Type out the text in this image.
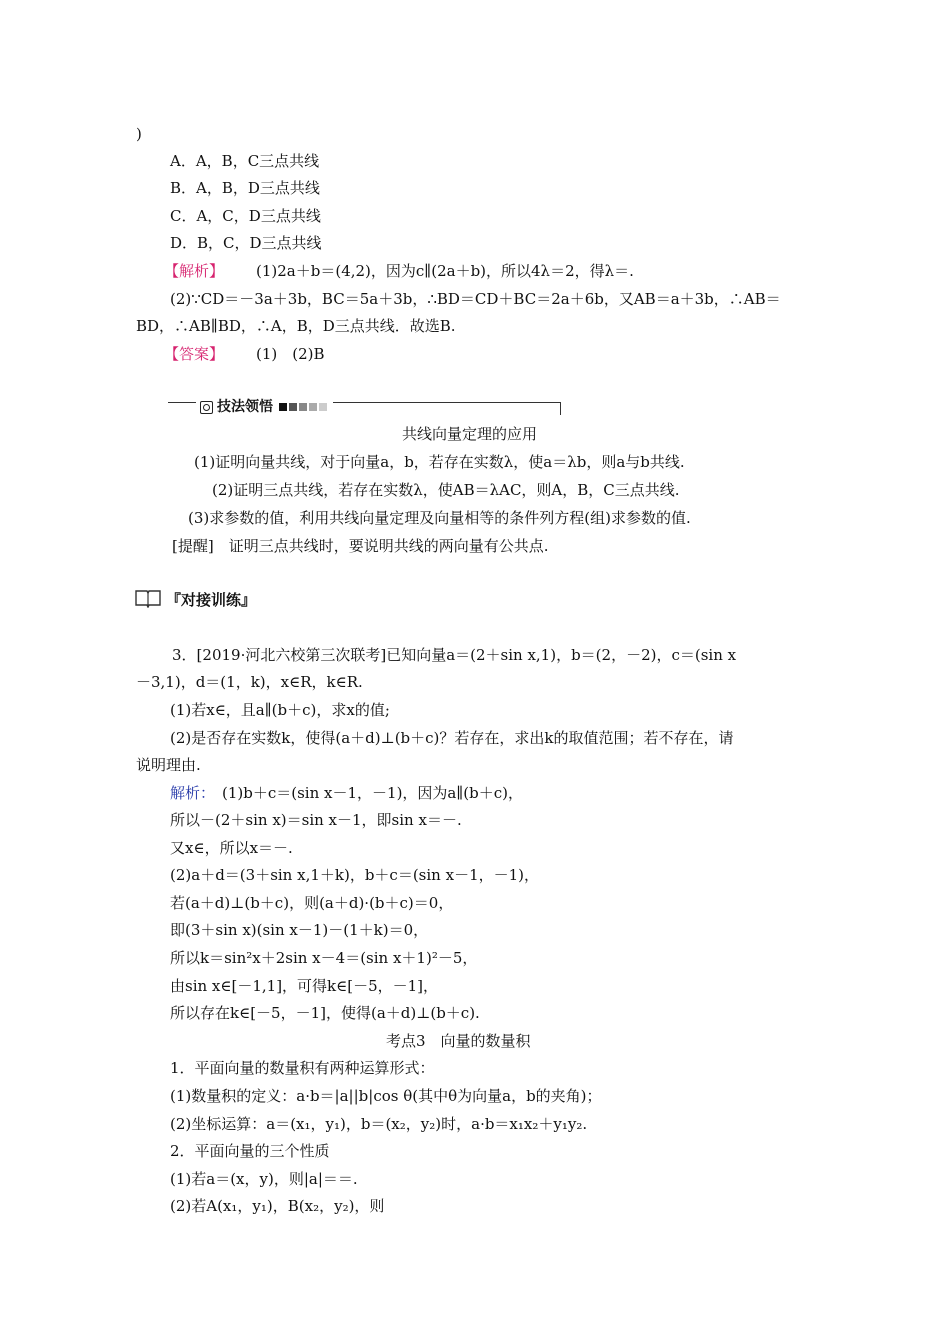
)
A．A，B，C三点共线
B．A，B，D三点共线
C．A，C，D三点共线
D．B，C，D三点共线
【解析】 (1)2a＋b＝(4,2)，因为c∥(2a＋b)，所以4λ＝2，得λ＝.
(2)∵CD＝－3a＋3b，BC＝5a＋3b，∴BD＝CD＋BC＝2a＋6b，又AB＝a＋3b，∴AB＝
BD，∴AB∥BD，∴A，B，D三点共线．故选B.
【答案】 (1)　(2)B
技法领悟
共线向量定理的应用
(1)证明向量共线，对于向量a，b，若存在实数λ，使a＝λb，则a与b共线.
(2)证明三点共线，若存在实数λ，使AB＝λAC，则A，B，C三点共线.
(3)求参数的值，利用共线向量定理及向量相等的条件列方程(组)求参数的值.
[提醒]　证明三点共线时，要说明共线的两向量有公共点.
『对接训练』
3．[2019·河北六校第三次联考]已知向量a＝(2＋sin x,1)，b＝(2，－2)，c＝(sin x
－3,1)，d＝(1，k)，x∈R，k∈R.
(1)若x∈，且a∥(b＋c)，求x的值;
(2)是否存在实数k，使得(a＋d)⊥(b＋c)？若存在，求出k的取值范围；若不存在，请
说明理由.
解析： (1)b＋c＝(sin x－1，－1)，因为a∥(b＋c)，
所以－(2＋sin x)＝sin x－1，即sin x＝－.
又x∈，所以x＝－.
(2)a＋d＝(3＋sin x,1＋k)，b＋c＝(sin x－1，－1)，
若(a＋d)⊥(b＋c)，则(a＋d)·(b＋c)＝0，
即(3＋sin x)(sin x－1)－(1＋k)＝0，
所以k＝sin²x＋2sin x－4＝(sin x＋1)²－5，
由sin x∈[－1,1]，可得k∈[－5，－1]，
所以存在k∈[－5，－1]，使得(a＋d)⊥(b＋c).
考点3　向量的数量积
1．平面向量的数量积有两种运算形式：
(1)数量积的定义：a·b＝|a||b|cos θ(其中θ为向量a，b的夹角)；
(2)坐标运算：a＝(x₁，y₁)，b＝(x₂，y₂)时，a·b＝x₁x₂＋y₁y₂.
2．平面向量的三个性质
(1)若a＝(x，y)，则|a|＝＝.
(2)若A(x₁，y₁)，B(x₂，y₂)，则
